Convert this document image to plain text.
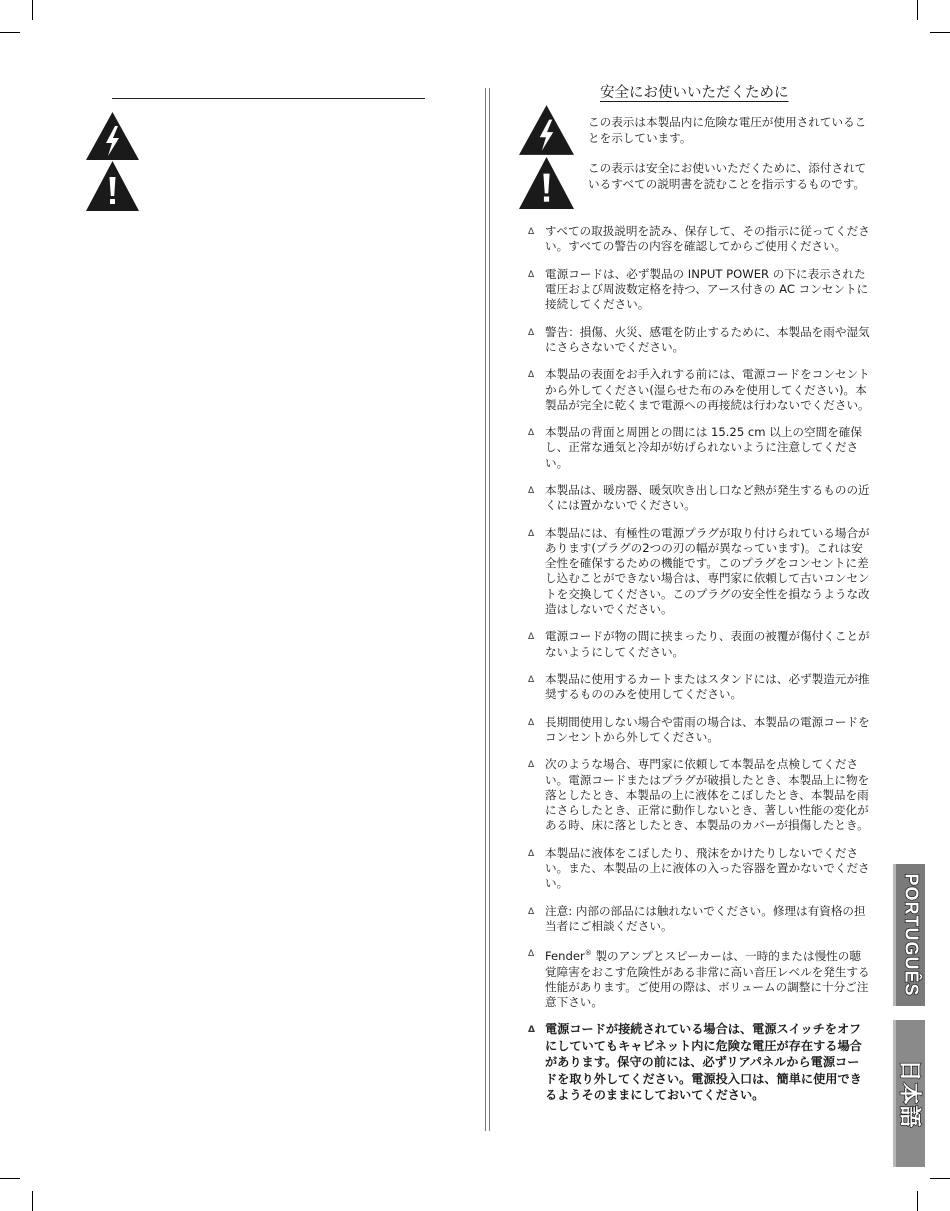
安全にお使いいただくために
この表示は本製品内に危険な電圧が使用されていることを示しています。
この表示は安全にお使いいただくために、添付されているすべての説明書を読むことを指示するものです。
Δ すべての取扱説明を読み、保存して、その指示に従ってください。すべての警告の内容を確認してからご使用ください。
Δ 電源コードは、必ず製品の INPUT POWER の下に表示された電圧および周波数定格を持つ、アース付きの AC コンセントに接続してください。
Δ 警告：損傷、火災、感電を防止するために、本製品を雨や湿気にさらさないでください。
Δ 本製品の表面をお手入れする前には、電源コードをコンセントから外してください(湿らせた布のみを使用してください)。本製品が完全に乾くまで電源への再接続は行わないでください。
Δ 本製品の背面と周囲との間には 15.25 cm 以上の空間を確保し、正常な通気と冷却が妨げられないように注意してください。
Δ 本製品は、暖房器、暖気吹き出し口など熱が発生するものの近くには置かないでください。
Δ 本製品には、有極性の電源プラグが取り付けられている場合があります(プラグの2つの刃の幅が異なっています)。これは安全性を確保するための機能です。このプラグをコンセントに差し込むことができない場合は、専門家に依頼して古いコンセントを交換してください。このプラグの安全性を損なうような改造はしないでください。
Δ 電源コードが物の間に挟まったり、表面の被覆が傷付くことがないようにしてください。
Δ 本製品に使用するカートまたはスタンドには、必ず製造元が推奨するもののみを使用してください。
Δ 長期間使用しない場合や雷雨の場合は、本製品の電源コードをコンセントから外してください。
Δ 次のような場合、専門家に依頼して本製品を点検してください。電源コードまたはプラグが破損したとき、本製品上に物を落としたとき、本製品の上に液体をこぼしたとき、本製品を雨にさらしたとき、正常に動作しないとき、著しい性能の変化がある時、床に落としたとき、本製品のカバーが損傷したとき。
Δ 本製品に液体をこぼしたり、飛沫をかけたりしないでください。また、本製品の上に液体の入った容器を置かないでください。
Δ 注意: 内部の部品には触れないでください。修理は有資格の担当者にご相談ください。
Δ Fender® 製のアンプとスピーカーは、一時的または慢性の聴覚障害をおこす危険性がある非常に高い音圧レベルを発生する性能があります。ご使用の際は、ボリュームの調整に十分ご注意下さい。
Δ 電源コードが接続されている場合は、電源スイッチをオフにしていてもキャビネット内に危険な電圧が存在する場合があります。保守の前には、必ずリアパネルから電源コードを取り外してください。電源投入口は、簡単に使用できるようそのままにしておいてください。
PORTUGUÊS
日本語
